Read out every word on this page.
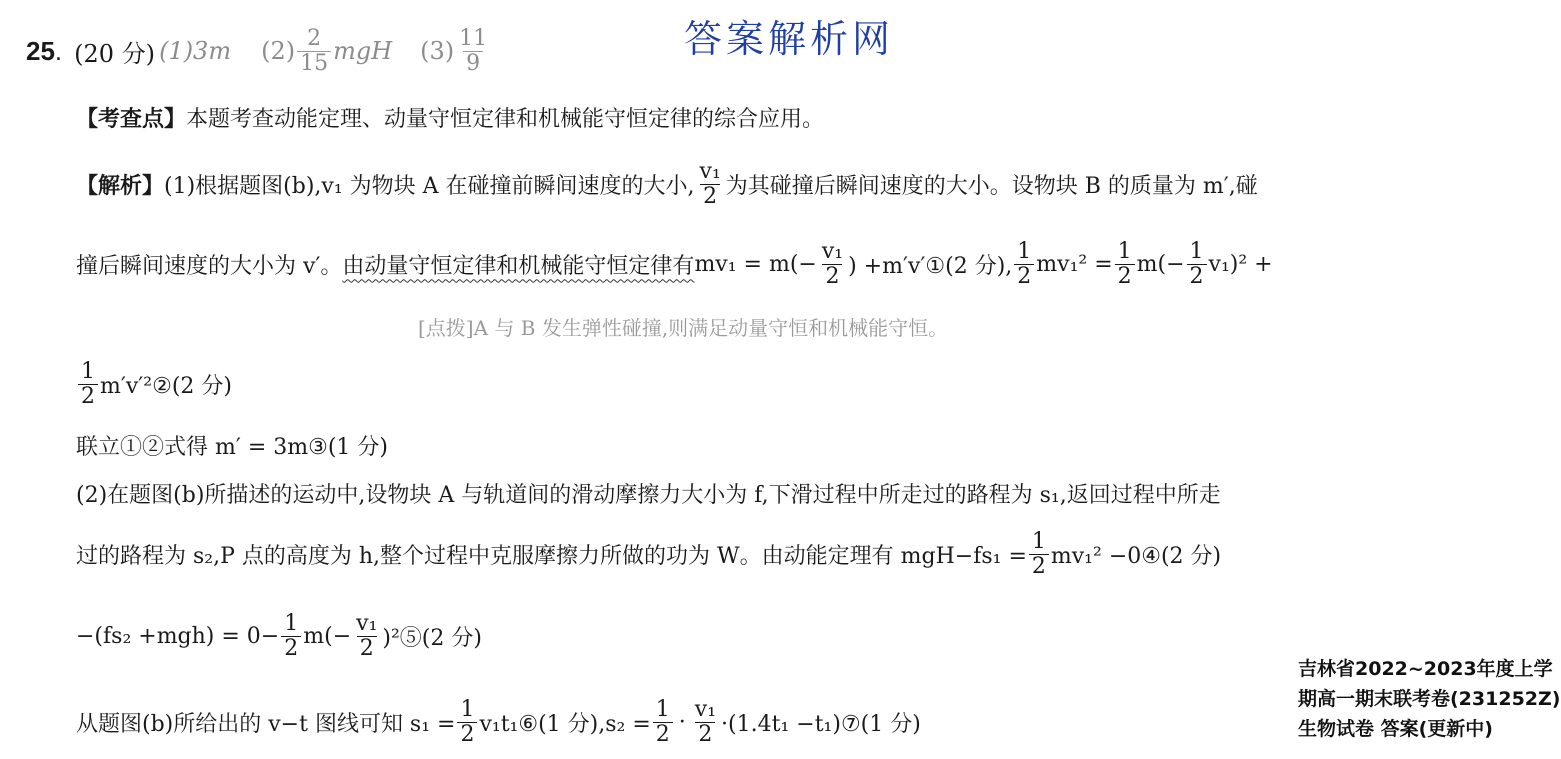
答案解析网
25 . (20 分) (1)3m $(2) \frac{2}{15}$ mgH $(3) \frac{11}{9}$
【考查点】本题考查动能定理、动量守恒定律和机械能守恒定律的综合应用。
【解析】 (1)根据题图(b),v₁ 为物块 A 在碰撞前瞬间速度的大小, $\frac{\text{v₁}}{2}$ 为其碰撞后瞬间速度的大小。设物块 B 的质量为 m′,碰
撞后瞬间速度的大小为 v′。 由动量守恒定律和机械能守恒定律有 $mv_1 = m(- \frac{\text{v₁}}{2}$ ) +m′v′①(2 分), $\frac{1}{2} mv_1^2 = \frac{1}{2} m(- \frac{1}{2} v_1)^2$ +
[点拨]A 与 B 发生弹性碰撞,则满足动量守恒和机械能守恒。
$\frac{1}{2}$ m′v′²②(2 分)
联立①②式得 m′ = 3m③(1 分)
(2)在题图(b)所描述的运动中,设物块 A 与轨道间的滑动摩擦力大小为 f,下滑过程中所走过的路程为 s₁,返回过程中所走
过的路程为 s₂,P 点的高度为 h,整个过程中克服摩擦力所做的功为 W。由动能定理有 $mgH-fs_1 = \frac{1}{2} mv_1^2$ −0④(2 分)
$-(fs_2 +mgh) = 0- \frac{1}{2} m(- \frac{\text{v₁}}{2}$ )²⑤(2 分)
从题图(b)所给出的 v−t 图线可知 $s_1 = \frac{1}{2}$ v₁t₁⑥(1 分)$,s_2 = \frac{1}{2} \cdot \frac{\text{v₁}}{2} \cdot(1.4t_1$ −t₁)⑦(1 分)
吉林省2022~2023年度上学期高一期末联考卷(231252Z)生物试卷 答案(更新中)
